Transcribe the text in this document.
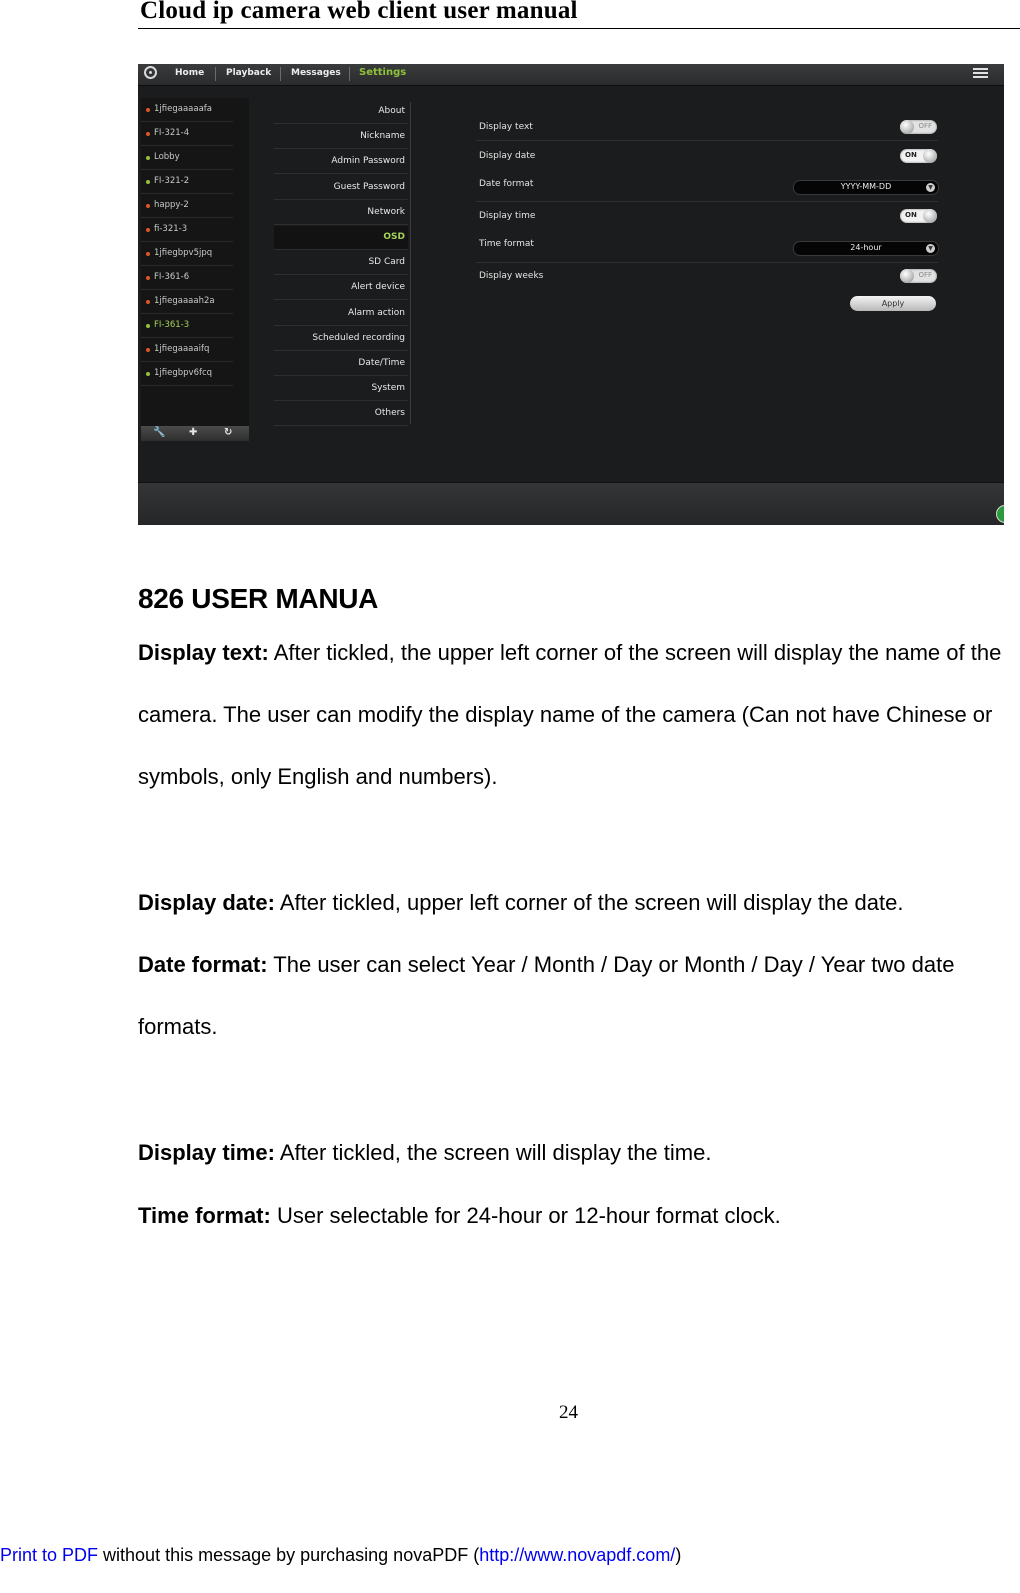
Cloud ip camera web client user manual
Home Playback Messages Settings
1jfiegaaaaafa
FI-321-4
Lobby
FI-321-2
happy-2
fi-321-3
1jfiegbpv5jpq
FI-361-6
1jfiegaaaah2a
FI-361-3
1jfiegaaaaifq
1jfiegbpv6fcq
🔧 ✚	↻
About
Nickname
Admin Password
Guest Password
Network
OSD
SD Card
Alert device
Alarm action
Scheduled recording
Date/Time
System
Others
Display text	OFF
Display date	ON
Date format	YYYY-MM-DD	▼
Display time	ON
Time format	24-hour	▼
Display weeks	OFF
Apply
826 USER MANUA

Display text: After tickled, the upper left corner of the screen will display the name of the camera. The user can modify the display name of the camera (Can not have Chinese or symbols, only English and numbers).

Display date: After tickled, upper left corner of the screen will display the date.

Date format: The user can select Year / Month / Day or Month / Day / Year two date formats.

Display time: After tickled, the screen will display the time.

Time format: User selectable for 24-hour or 12-hour format clock.

24
Print to PDF without this message by purchasing novaPDF (http://www.novapdf.com/)
